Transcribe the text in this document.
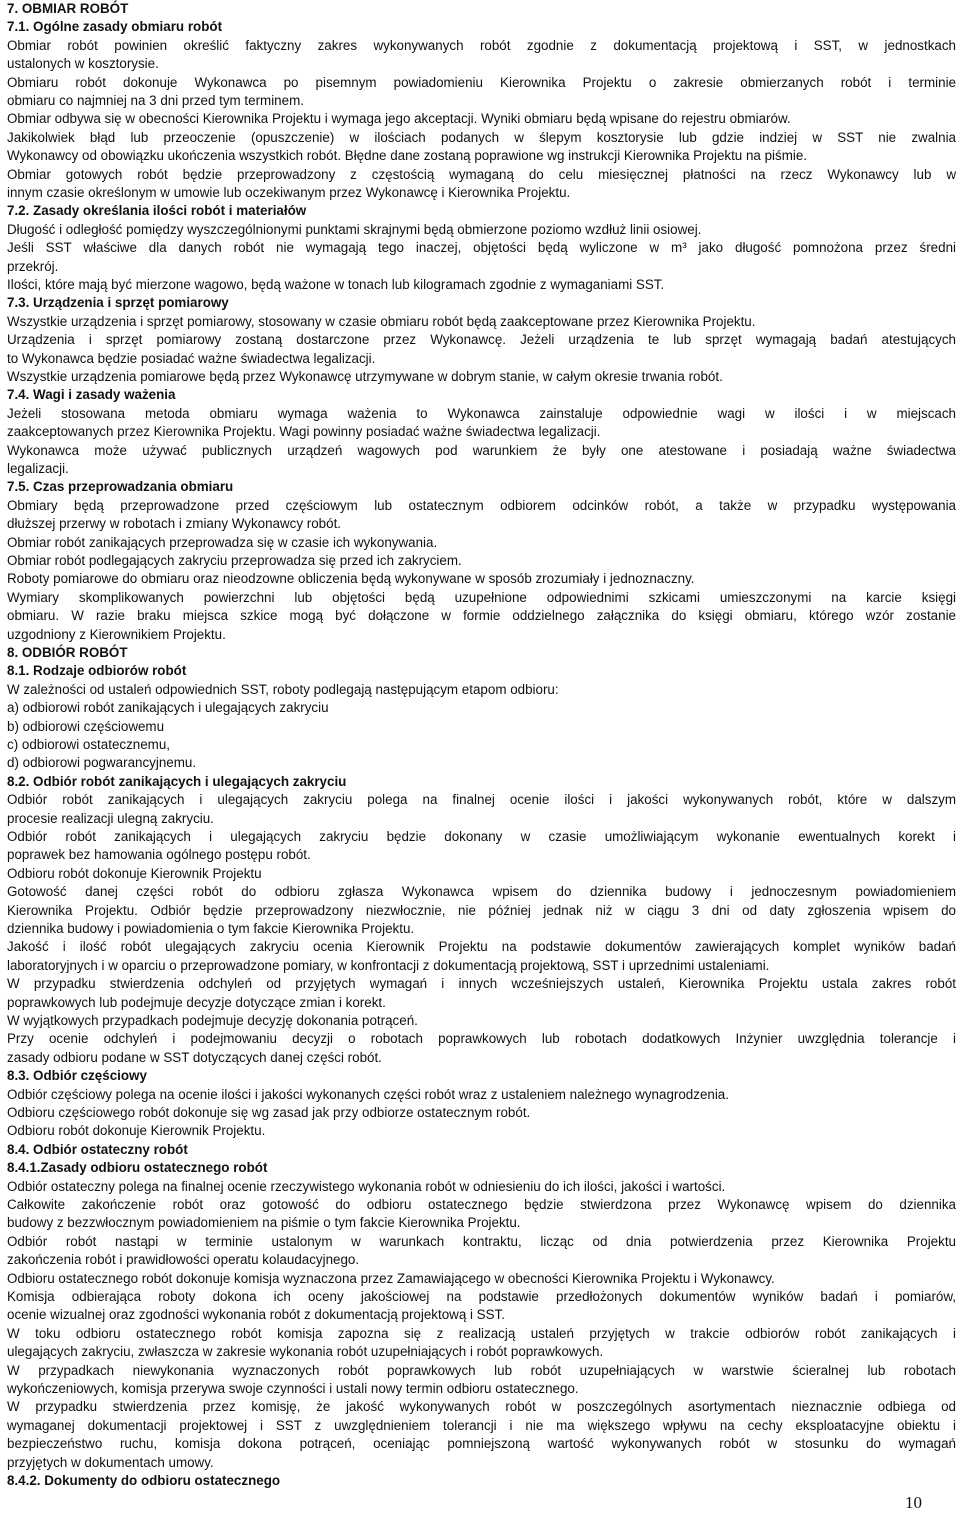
7. OBMIAR ROBÓT
7.1. Ogólne zasady obmiaru robót
Obmiar robót powinien określić faktyczny zakres wykonywanych robót zgodnie z dokumentacją projektową i SST, w jednostkach
ustalonych w kosztorysie.
Obmiaru robót dokonuje Wykonawca po pisemnym powiadomieniu Kierownika Projektu o zakresie obmierzanych robót i terminie
obmiaru co najmniej na 3 dni przed tym terminem.
Obmiar odbywa się w obecności Kierownika Projektu i wymaga jego akceptacji. Wyniki obmiaru będą wpisane do rejestru obmiarów.
Jakikolwiek błąd lub przeoczenie (opuszczenie) w ilościach podanych w ślepym kosztorysie lub gdzie indziej w SST nie zwalnia
Wykonawcy od obowiązku ukończenia wszystkich robót. Błędne dane zostaną poprawione wg instrukcji Kierownika Projektu na piśmie.
Obmiar gotowych robót będzie przeprowadzony z częstością wymaganą do celu miesięcznej płatności na rzecz Wykonawcy lub w
innym czasie określonym w umowie lub oczekiwanym przez Wykonawcę i Kierownika Projektu.
7.2. Zasady określania ilości robót i materiałów
Długość i odległość pomiędzy wyszczególnionymi punktami skrajnymi będą obmierzone poziomo wzdłuż linii osiowej.
Jeśli SST właściwe dla danych robót nie wymagają tego inaczej, objętości będą wyliczone w m³ jako długość pomnożona przez średni
przekrój.
Ilości, które mają być mierzone wagowo, będą ważone w tonach lub kilogramach zgodnie z wymaganiami SST.
7.3. Urządzenia i sprzęt pomiarowy
Wszystkie urządzenia i sprzęt pomiarowy, stosowany w czasie obmiaru robót będą zaakceptowane przez Kierownika Projektu.
Urządzenia i sprzęt pomiarowy zostaną dostarczone przez Wykonawcę. Jeżeli urządzenia te lub sprzęt wymagają badań atestujących
to Wykonawca będzie posiadać ważne świadectwa legalizacji.
Wszystkie urządzenia pomiarowe będą przez Wykonawcę utrzymywane w dobrym stanie, w całym okresie trwania robót.
7.4. Wagi i zasady ważenia
Jeżeli stosowana metoda obmiaru wymaga ważenia to Wykonawca zainstaluje odpowiednie wagi w ilości i w miejscach
zaakceptowanych przez Kierownika Projektu. Wagi powinny posiadać ważne świadectwa legalizacji.
Wykonawca może używać publicznych urządzeń wagowych pod warunkiem że były one atestowane i posiadają ważne świadectwa
legalizacji.
7.5. Czas przeprowadzania obmiaru
Obmiary będą przeprowadzone przed częściowym lub ostatecznym odbiorem odcinków robót, a także w przypadku występowania
dłuższej przerwy w robotach i zmiany Wykonawcy robót.
Obmiar robót zanikających przeprowadza się w czasie ich wykonywania.
Obmiar robót podlegających zakryciu przeprowadza się przed ich zakryciem.
Roboty pomiarowe do obmiaru oraz nieodzowne obliczenia będą wykonywane w sposób zrozumiały i jednoznaczny.
Wymiary skomplikowanych powierzchni lub objętości będą uzupełnione odpowiednimi szkicami umieszczonymi na karcie księgi
obmiaru. W razie braku miejsca szkice mogą być dołączone w formie oddzielnego załącznika do księgi obmiaru, którego wzór zostanie
uzgodniony z Kierownikiem Projektu.
8. ODBIÓR ROBÓT
8.1. Rodzaje odbiorów robót
W zależności od ustaleń odpowiednich SST, roboty podlegają następującym etapom odbioru:
a) odbiorowi robót zanikających i ulegających zakryciu
b) odbiorowi częściowemu
c) odbiorowi ostatecznemu,
d) odbiorowi pogwarancyjnemu.
8.2. Odbiór robót zanikających i ulegających zakryciu
Odbiór robót zanikających i ulegających zakryciu polega na finalnej ocenie ilości i jakości wykonywanych robót, które w dalszym
procesie realizacji ulegną zakryciu.
Odbiór robót zanikających i ulegających zakryciu będzie dokonany w czasie umożliwiającym wykonanie ewentualnych korekt i
poprawek bez hamowania ogólnego postępu robót.
Odbioru robót dokonuje Kierownik Projektu
Gotowość danej części robót do odbioru zgłasza Wykonawca wpisem do dziennika budowy i jednoczesnym powiadomieniem
Kierownika Projektu. Odbiór będzie przeprowadzony niezwłocznie, nie później jednak niż w ciągu 3 dni od daty zgłoszenia wpisem do
dziennika budowy i powiadomienia o tym fakcie Kierownika Projektu.
Jakość i ilość robót ulegających zakryciu ocenia Kierownik Projektu na podstawie dokumentów zawierających komplet wyników badań
laboratoryjnych i w oparciu o przeprowadzone pomiary, w konfrontacji z dokumentacją projektową, SST i uprzednimi ustaleniami.
W przypadku stwierdzenia odchyleń od przyjętych wymagań i innych wcześniejszych ustaleń, Kierownika Projektu ustala zakres robót
poprawkowych lub podejmuje decyzje dotyczące zmian i korekt.
W wyjątkowych przypadkach podejmuje decyzję dokonania potrąceń.
Przy ocenie odchyleń i podejmowaniu decyzji o robotach poprawkowych lub robotach dodatkowych Inżynier uwzględnia tolerancje i
zasady odbioru podane w SST dotyczących danej części robót.
8.3. Odbiór częściowy
Odbiór częściowy polega na ocenie ilości i jakości wykonanych części robót wraz z ustaleniem należnego wynagrodzenia.
Odbioru częściowego robót dokonuje się wg zasad jak przy odbiorze ostatecznym robót.
Odbioru robót dokonuje Kierownik Projektu.
8.4. Odbiór ostateczny robót
8.4.1.Zasady odbioru ostatecznego robót
Odbiór ostateczny polega na finalnej ocenie rzeczywistego wykonania robót w odniesieniu do ich ilości, jakości i wartości.
Całkowite zakończenie robót oraz gotowość do odbioru ostatecznego będzie stwierdzona przez Wykonawcę wpisem do dziennika
budowy z bezzwłocznym powiadomieniem na piśmie o tym fakcie Kierownika Projektu.
Odbiór robót nastąpi w terminie ustalonym w warunkach kontraktu, licząc od dnia potwierdzenia przez Kierownika Projektu
zakończenia robót i prawidłowości operatu kolaudacyjnego.
Odbioru ostatecznego robót dokonuje komisja wyznaczona przez Zamawiającego w obecności Kierownika Projektu i Wykonawcy.
Komisja odbierająca roboty dokona ich oceny jakościowej na podstawie przedłożonych dokumentów wyników badań i pomiarów,
ocenie wizualnej oraz zgodności wykonania robót z dokumentacją projektową i SST.
W toku odbioru ostatecznego robót komisja zapozna się z realizacją ustaleń przyjętych w trakcie odbiorów robót zanikających i
ulegających zakryciu, zwłaszcza w zakresie wykonania robót uzupełniających i robót poprawkowych.
W przypadkach niewykonania wyznaczonych robót poprawkowych lub robót uzupełniających w warstwie ścieralnej lub robotach
wykończeniowych, komisja przerywa swoje czynności i ustali nowy termin odbioru ostatecznego.
W przypadku stwierdzenia przez komisję, że jakość wykonywanych robót w poszczególnych asortymentach nieznacznie odbiega od
wymaganej dokumentacji projektowej i SST z uwzględnieniem tolerancji i nie ma większego wpływu na cechy eksploatacyjne obiektu i
bezpieczeństwo ruchu, komisja dokona potrąceń, oceniając pomniejszoną wartość wykonywanych robót w stosunku do wymagań
przyjętych w dokumentach umowy.
8.4.2. Dokumenty do odbioru ostatecznego
10
